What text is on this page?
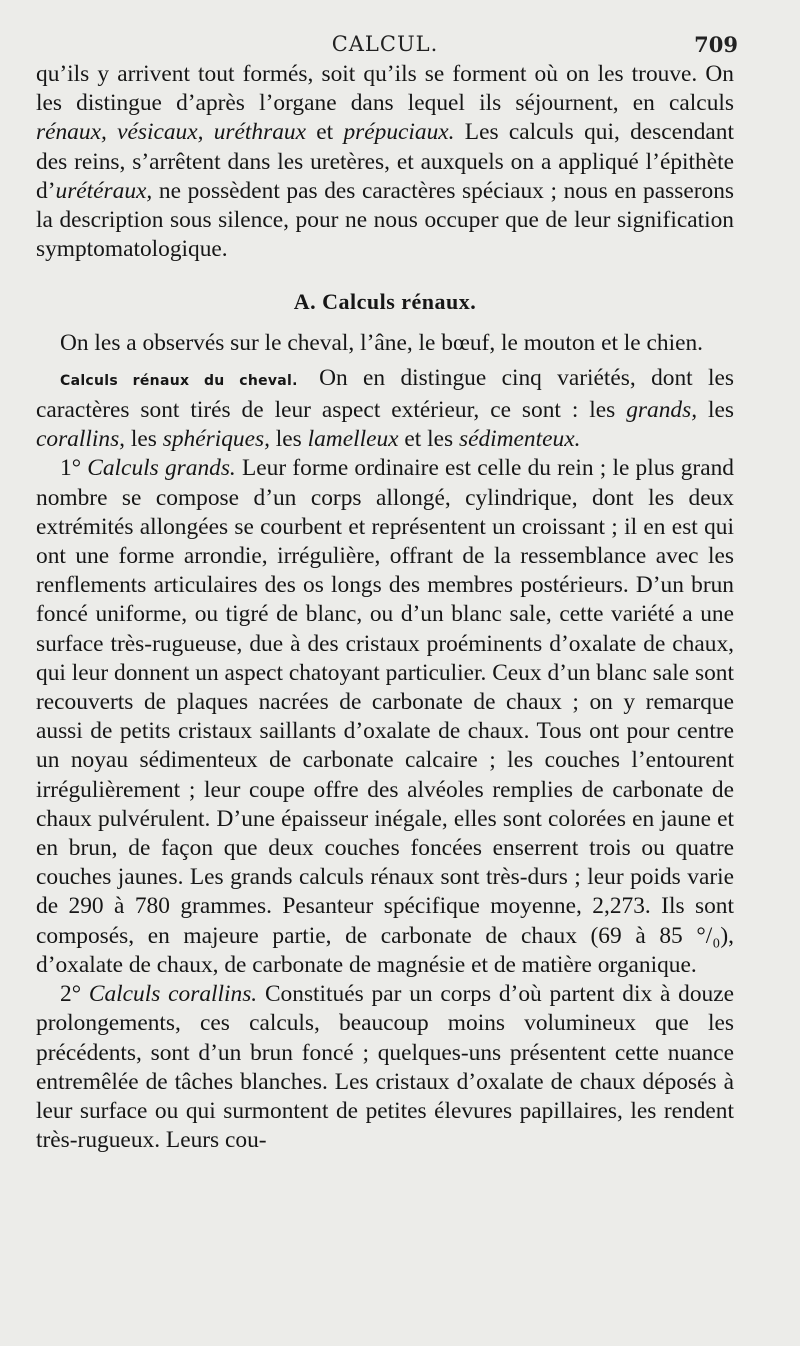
CALCUL.	709

qu’ils y arrivent tout formés, soit qu’ils se forment où on les trouve. On les distingue d’après l’organe dans lequel ils séjournent, en calculs rénaux, vésicaux, uréthraux et prépuciaux. Les calculs qui, descendant des reins, s’arrêtent dans les uretères, et auxquels on a appliqué l’épithète d’urétéraux, ne possèdent pas des caractères spéciaux ; nous en passerons la description sous silence, pour ne nous occuper que de leur signification symptomatologique.

A. Calculs rénaux.

On les a observés sur le cheval, l’âne, le bœuf, le mouton et le chien.

Calculs rénaux du cheval. On en distingue cinq variétés, dont les caractères sont tirés de leur aspect extérieur, ce sont : les grands, les corallins, les sphériques, les lamelleux et les sédimenteux.

1° Calculs grands. Leur forme ordinaire est celle du rein ; le plus grand nombre se compose d’un corps allongé, cylindrique, dont les deux extrémités allongées se courbent et représentent un croissant ; il en est qui ont une forme arrondie, irrégulière, offrant de la ressemblance avec les renflements articulaires des os longs des membres postérieurs. D’un brun foncé uniforme, ou tigré de blanc, ou d’un blanc sale, cette variété a une surface très-rugueuse, due à des cristaux proéminents d’oxalate de chaux, qui leur donnent un aspect chatoyant particulier. Ceux d’un blanc sale sont recouverts de plaques nacrées de carbonate de chaux ; on y remarque aussi de petits cristaux saillants d’oxalate de chaux. Tous ont pour centre un noyau sédimenteux de carbonate calcaire ; les couches l’entourent irrégulièrement ; leur coupe offre des alvéoles remplies de carbonate de chaux pulvérulent. D’une épaisseur inégale, elles sont colorées en jaune et en brun, de façon que deux couches foncées enserrent trois ou quatre couches jaunes. Les grands calculs rénaux sont très-durs ; leur poids varie de 290 à 780 grammes. Pesanteur spécifique moyenne, 2,273. Ils sont composés, en majeure partie, de carbonate de chaux (69 à 85 °/₀), d’oxalate de chaux, de carbonate de magnésie et de matière organique.

2° Calculs corallins. Constitués par un corps d’où partent dix à douze prolongements, ces calculs, beaucoup moins volumineux que les précédents, sont d’un brun foncé ; quelques-uns présentent cette nuance entremêlée de tâches blanches. Les cristaux d’oxalate de chaux déposés à leur surface ou qui surmontent de petites élevures papillaires, les rendent très-rugueux. Leurs cou-
